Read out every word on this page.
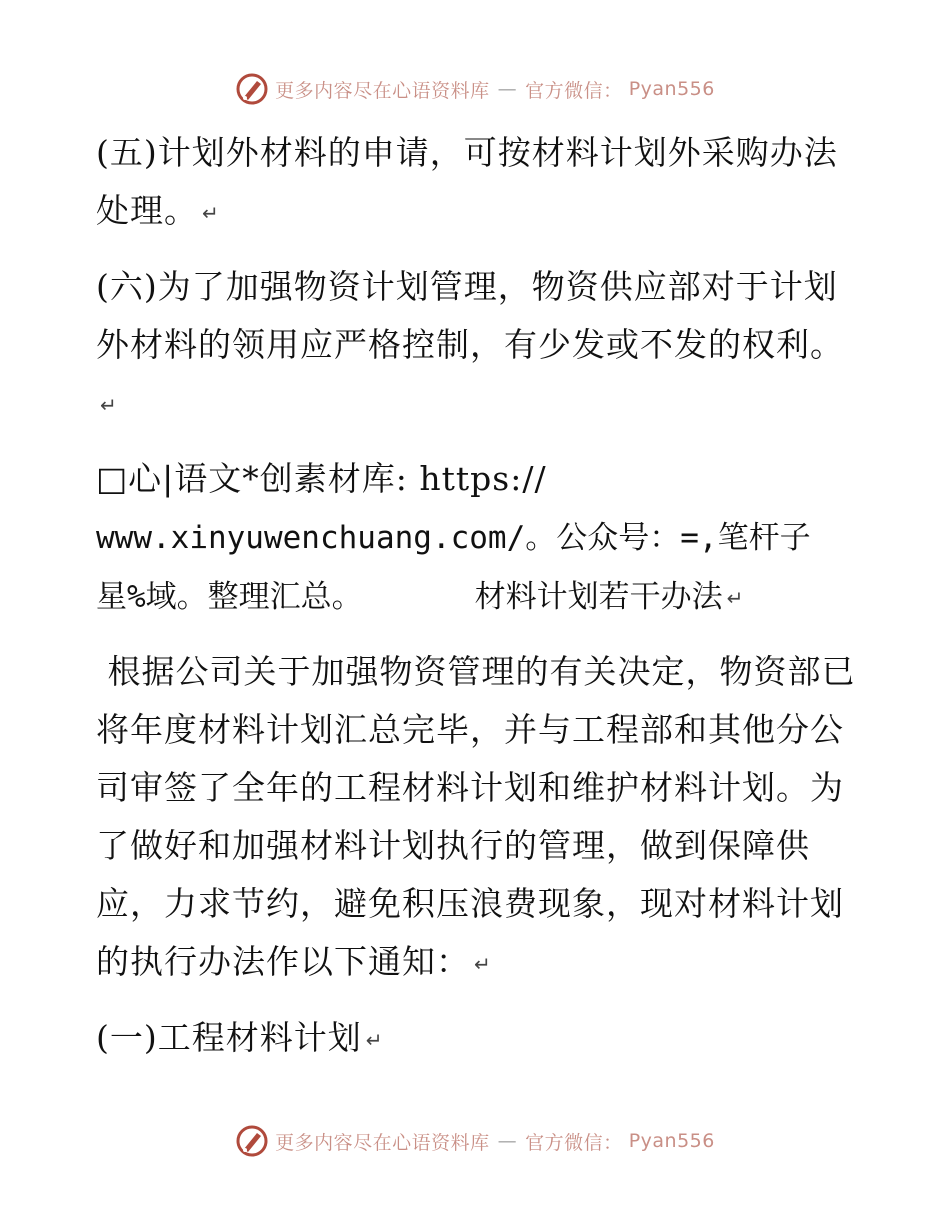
更多内容尽在心语资料库 — 官方微信： Pyan556

(五)计划外材料的申请，可按材料计划外采购办法处理。 ↵

(六)为了加强物资计划管理，物资供应部对于计划外材料的领用应严格控制，有少发或不发的权利。↵

□心|语文*创素材库: https://
www.xinyuwenchuang.com/。公众号：=,笔杆子星%域。整理汇总。      材料计划若干办法 ↵

根据公司关于加强物资管理的有关决定，物资部已将年度材料计划汇总完毕，并与工程部和其他分公司审签了全年的工程材料计划和维护材料计划。为了做好和加强材料计划执行的管理，做到保障供应，力求节约，避免积压浪费现象，现对材料计划的执行办法作以下通知： ↵

(一)工程材料计划 ↵

更多内容尽在心语资料库 — 官方微信： Pyan556
